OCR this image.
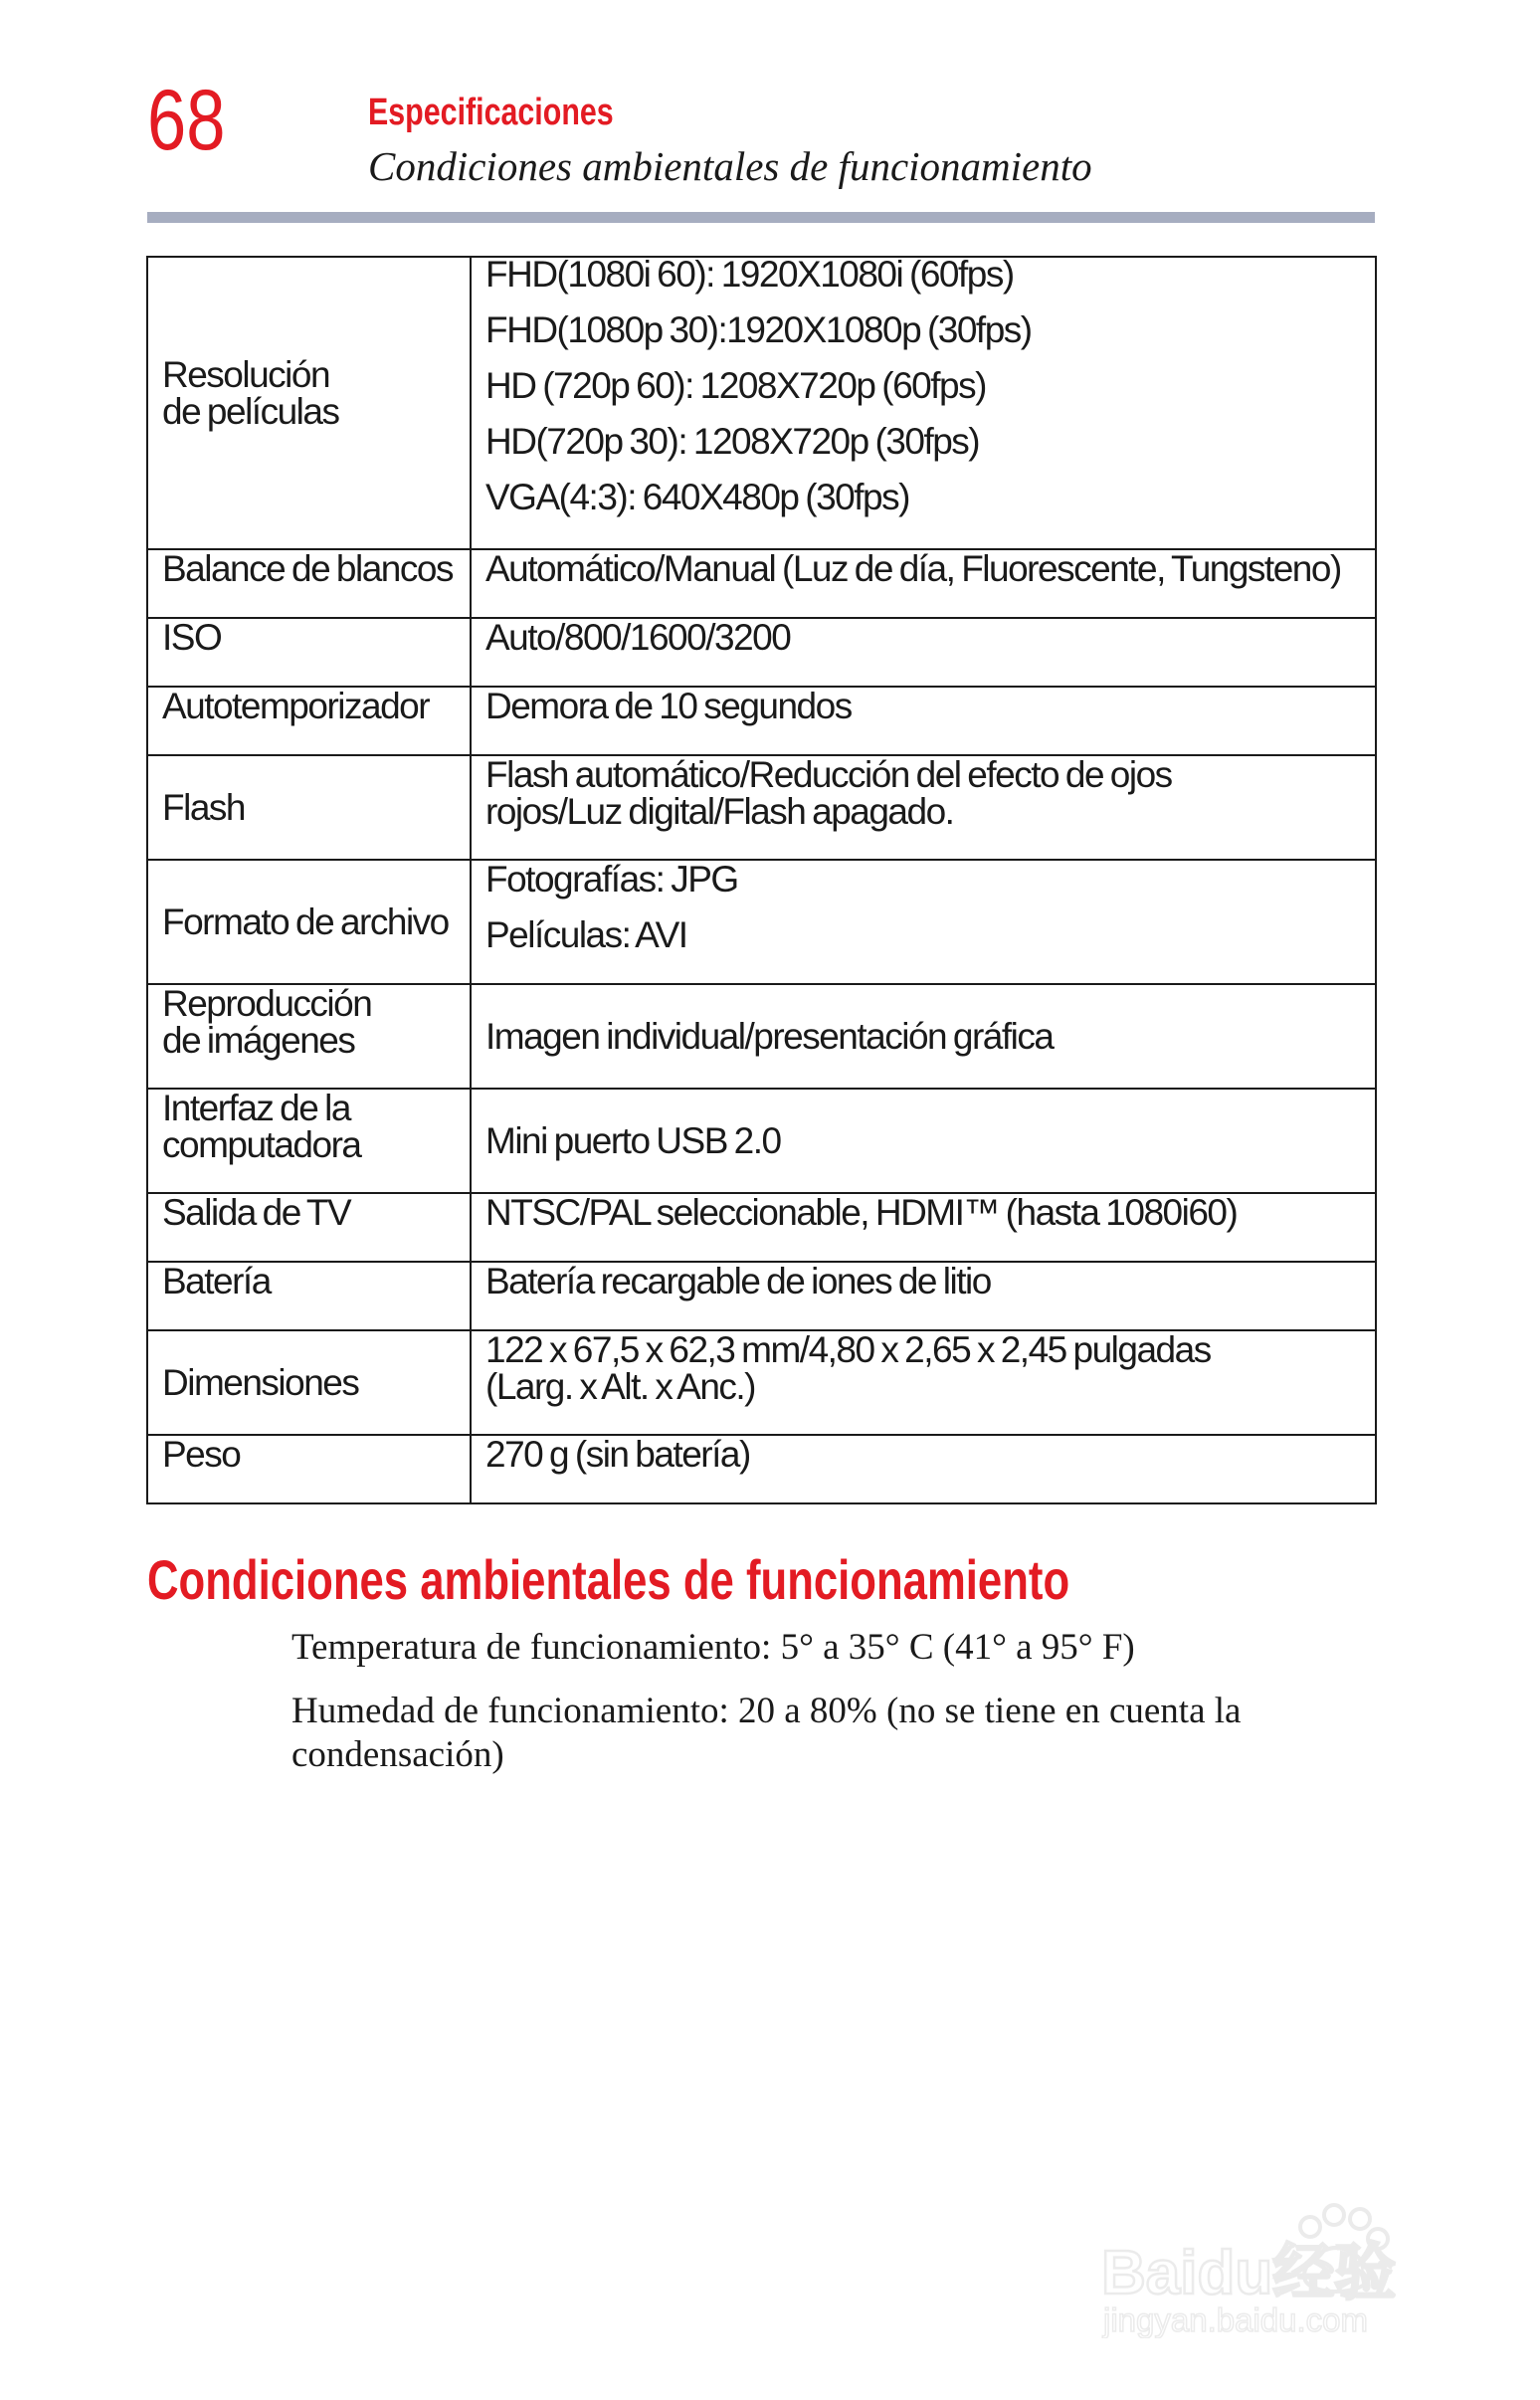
68	Especificaciones
Condiciones ambientales de funcionamiento
Resolución de películas	FHD(1080i 60): 1920X1080i (60fps)
FHD(1080p 30):1920X1080p (30fps)
HD (720p 60): 1208X720p (60fps)
HD(720p 30): 1208X720p (30fps)
VGA(4:3): 640X480p (30fps)

Balance de blancos	Automático/Manual (Luz de día, Fluorescente, Tungsteno)
ISO	Auto/800/1600/3200
Autotemporizador	Demora de 10 segundos
Flash	Flash automático/Reducción del efecto de ojos rojos/Luz digital/Flash apagado.

Formato de archivo	Fotografías: JPG
Películas: AVI

Reproducción de imágenes	Imagen individual/presentación gráfica

Interfaz de la computadora	Mini puerto USB 2.0
Salida de TV	NTSC/PAL seleccionable, HDMI™ (hasta 1080i60)
Batería	Batería recargable de iones de litio
Dimensiones	122 x 67,5 x 62,3 mm/4,80 x 2,65 x 2,45 pulgadas
(Larg. x Alt. x Anc.)

Peso	270 g (sin batería)
Condiciones ambientales de funcionamiento
Temperatura de funcionamiento: 5° a 35° C (41° a 95° F)
Humedad de funcionamiento: 20 a 80% (no se tiene en cuenta la condensación)
Baidu经验
jingyan.baidu.com
